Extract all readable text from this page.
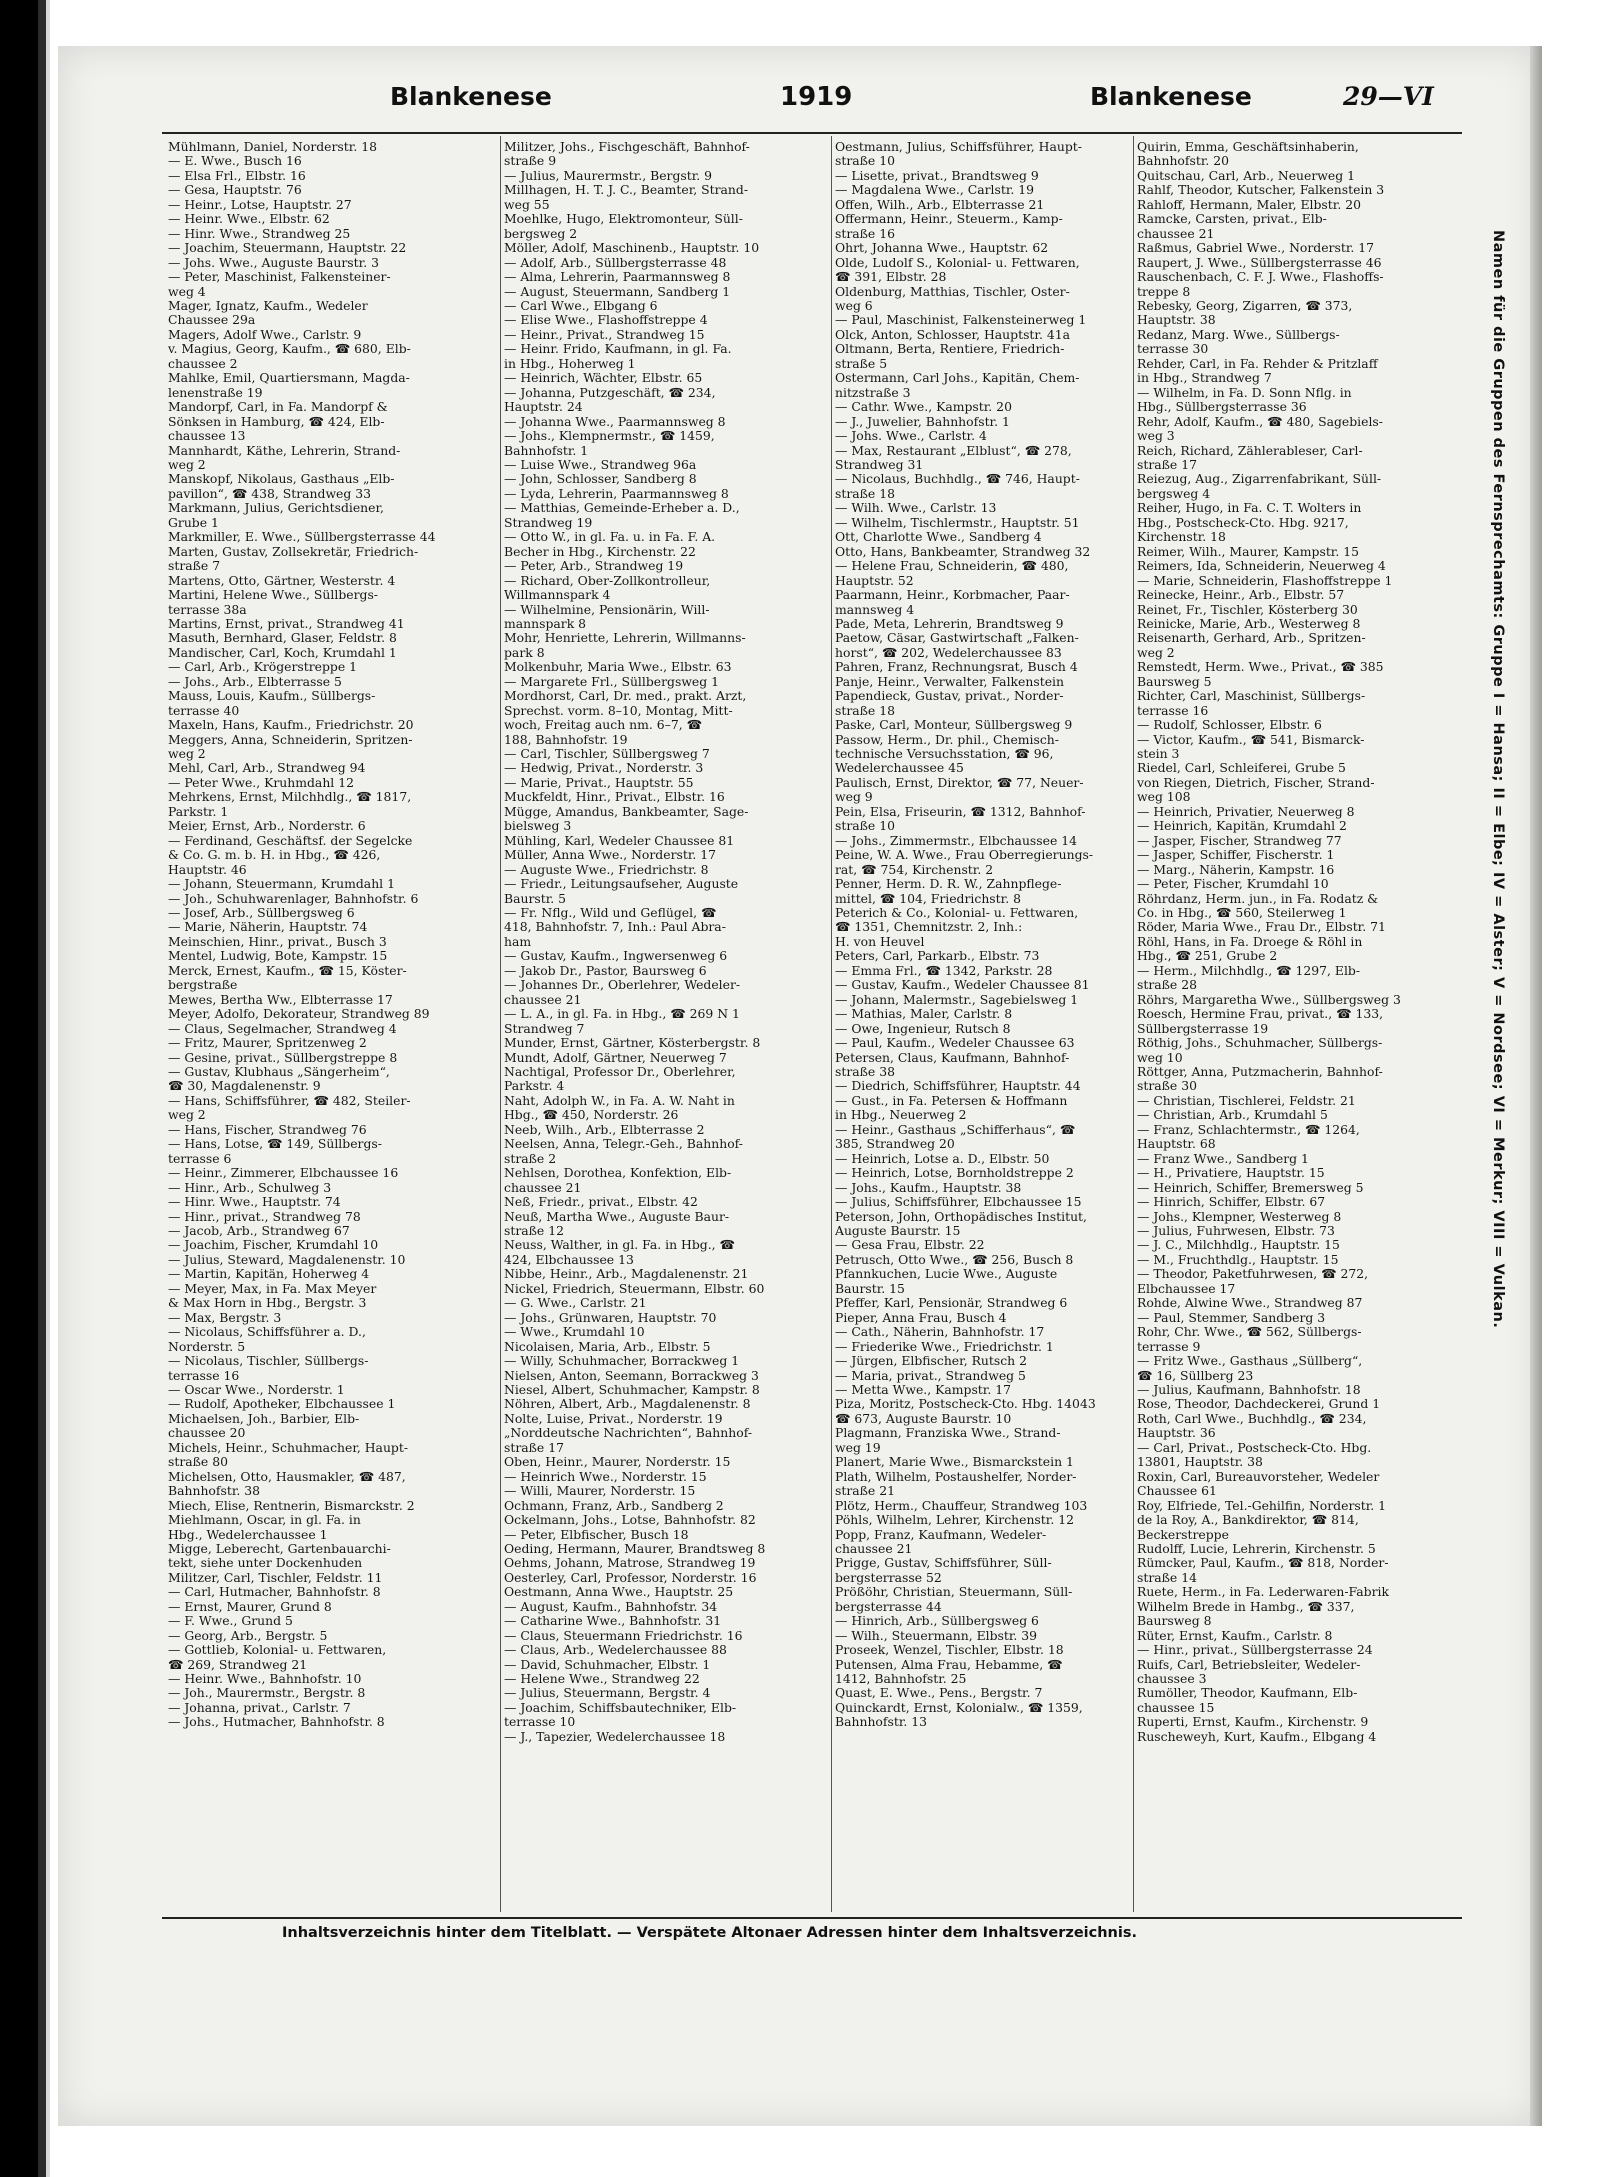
Blankenese	1919	Blankenese	29—VI

Mühlmann, Daniel, Norderstr. 18

— E. Wwe., Busch 16

— Elsa Frl., Elbstr. 16

— Gesa, Hauptstr. 76

— Heinr., Lotse, Hauptstr. 27

— Heinr. Wwe., Elbstr. 62

— Hinr. Wwe., Strandweg 25

— Joachim, Steuermann, Hauptstr. 22

— Johs. Wwe., Auguste Baurstr. 3

— Peter, Maschinist, Falkensteiner-

weg 4

Mager, Ignatz, Kaufm., Wedeler

Chaussee 29a

Magers, Adolf Wwe., Carlstr. 9

v. Magius, Georg, Kaufm., ☎ 680, Elb-

chaussee 2

Mahlke, Emil, Quartiersmann, Magda-

lenenstraße 19

Mandorpf, Carl, in Fa. Mandorpf &

Sönksen in Hamburg, ☎ 424, Elb-

chaussee 13

Mannhardt, Käthe, Lehrerin, Strand-

weg 2

Manskopf, Nikolaus, Gasthaus „Elb-

pavillon“, ☎ 438, Strandweg 33

Markmann, Julius, Gerichtsdiener,

Grube 1

Markmiller, E. Wwe., Süllbergsterrasse 44

Marten, Gustav, Zollsekretär, Friedrich-

straße 7

Martens, Otto, Gärtner, Westerstr. 4

Martini, Helene Wwe., Süllbergs-

terrasse 38a

Martins, Ernst, privat., Strandweg 41

Masuth, Bernhard, Glaser, Feldstr. 8

Mandischer, Carl, Koch, Krumdahl 1

— Carl, Arb., Krögerstreppe 1

— Johs., Arb., Elbterrasse 5

Mauss, Louis, Kaufm., Süllbergs-

terrasse 40

Maxeln, Hans, Kaufm., Friedrichstr. 20

Meggers, Anna, Schneiderin, Spritzen-

weg 2

Mehl, Carl, Arb., Strandweg 94

— Peter Wwe., Kruhmdahl 12

Mehrkens, Ernst, Milchhdlg., ☎ 1817,

Parkstr. 1

Meier, Ernst, Arb., Norderstr. 6

— Ferdinand, Geschäftsf. der Segelcke

& Co. G. m. b. H. in Hbg., ☎ 426,

Hauptstr. 46

— Johann, Steuermann, Krumdahl 1

— Joh., Schuhwarenlager, Bahnhofstr. 6

— Josef, Arb., Süllbergsweg 6

— Marie, Näherin, Hauptstr. 74

Meinschien, Hinr., privat., Busch 3

Mentel, Ludwig, Bote, Kampstr. 15

Merck, Ernest, Kaufm., ☎ 15, Köster-

bergstraße

Mewes, Bertha Ww., Elbterrasse 17

Meyer, Adolfo, Dekorateur, Strandweg 89

— Claus, Segelmacher, Strandweg 4

— Fritz, Maurer, Spritzenweg 2

— Gesine, privat., Süllbergstreppe 8

— Gustav, Klubhaus „Sängerheim“,

☎ 30, Magdalenenstr. 9

— Hans, Schiffsführer, ☎ 482, Steiler-

weg 2

— Hans, Fischer, Strandweg 76

— Hans, Lotse, ☎ 149, Süllbergs-

terrasse 6

— Heinr., Zimmerer, Elbchaussee 16

— Hinr., Arb., Schulweg 3

— Hinr. Wwe., Hauptstr. 74

— Hinr., privat., Strandweg 78

— Jacob, Arb., Strandweg 67

— Joachim, Fischer, Krumdahl 10

— Julius, Steward, Magdalenenstr. 10

— Martin, Kapitän, Hoherweg 4

— Meyer, Max, in Fa. Max Meyer

& Max Horn in Hbg., Bergstr. 3

— Max, Bergstr. 3

— Nicolaus, Schiffsführer a. D.,

Norderstr. 5

— Nicolaus, Tischler, Süllbergs-

terrasse 16

— Oscar Wwe., Norderstr. 1

— Rudolf, Apotheker, Elbchaussee 1

Michaelsen, Joh., Barbier, Elb-

chaussee 20

Michels, Heinr., Schuhmacher, Haupt-

straße 80

Michelsen, Otto, Hausmakler, ☎ 487,

Bahnhofstr. 38

Miech, Elise, Rentnerin, Bismarckstr. 2

Miehlmann, Oscar, in gl. Fa. in

Hbg., Wedelerchaussee 1

Migge, Leberecht, Gartenbauarchi-

tekt, siehe unter Dockenhuden

Militzer, Carl, Tischler, Feldstr. 11

— Carl, Hutmacher, Bahnhofstr. 8

— Ernst, Maurer, Grund 8

— F. Wwe., Grund 5

— Georg, Arb., Bergstr. 5

— Gottlieb, Kolonial- u. Fettwaren,

☎ 269, Strandweg 21

— Heinr. Wwe., Bahnhofstr. 10

— Joh., Maurermstr., Bergstr. 8

— Johanna, privat., Carlstr. 7

— Johs., Hutmacher, Bahnhofstr. 8

Militzer, Johs., Fischgeschäft, Bahnhof-

straße 9

— Julius, Maurermstr., Bergstr. 9

Millhagen, H. T. J. C., Beamter, Strand-

weg 55

Moehlke, Hugo, Elektromonteur, Süll-

bergsweg 2

Möller, Adolf, Maschinenb., Hauptstr. 10

— Adolf, Arb., Süllbergsterrasse 48

— Alma, Lehrerin, Paarmannsweg 8

— August, Steuermann, Sandberg 1

— Carl Wwe., Elbgang 6

— Elise Wwe., Flashoffstreppe 4

— Heinr., Privat., Strandweg 15

— Heinr. Frido, Kaufmann, in gl. Fa.

in Hbg., Hoherweg 1

— Heinrich, Wächter, Elbstr. 65

— Johanna, Putzgeschäft, ☎ 234,

Hauptstr. 24

— Johanna Wwe., Paarmannsweg 8

— Johs., Klempnermstr., ☎ 1459,

Bahnhofstr. 1

— Luise Wwe., Strandweg 96a

— John, Schlosser, Sandberg 8

— Lyda, Lehrerin, Paarmannsweg 8

— Matthias, Gemeinde-Erheber a. D.,

Strandweg 19

— Otto W., in gl. Fa. u. in Fa. F. A.

Becher in Hbg., Kirchenstr. 22

— Peter, Arb., Strandweg 19

— Richard, Ober-Zollkontrolleur,

Willmannspark 4

— Wilhelmine, Pensionärin, Will-

mannspark 8

Mohr, Henriette, Lehrerin, Willmanns-

park 8

Molkenbuhr, Maria Wwe., Elbstr. 63

— Margarete Frl., Süllbergsweg 1

Mordhorst, Carl, Dr. med., prakt. Arzt,

Sprechst. vorm. 8–10, Montag, Mitt-

woch, Freitag auch nm. 6–7, ☎

188, Bahnhofstr. 19

— Carl, Tischler, Süllbergsweg 7

— Hedwig, Privat., Norderstr. 3

— Marie, Privat., Hauptstr. 55

Muckfeldt, Hinr., Privat., Elbstr. 16

Mügge, Amandus, Bankbeamter, Sage-

bielsweg 3

Mühling, Karl, Wedeler Chaussee 81

Müller, Anna Wwe., Norderstr. 17

— Auguste Wwe., Friedrichstr. 8

— Friedr., Leitungsaufseher, Auguste

Baurstr. 5

— Fr. Nflg., Wild und Geflügel, ☎

418, Bahnhofstr. 7, Inh.: Paul Abra-

ham

— Gustav, Kaufm., Ingwersenweg 6

— Jakob Dr., Pastor, Baursweg 6

— Johannes Dr., Oberlehrer, Wedeler-

chaussee 21

— L. A., in gl. Fa. in Hbg., ☎ 269 N 1

Strandweg 7

Munder, Ernst, Gärtner, Kösterbergstr. 8

Mundt, Adolf, Gärtner, Neuerweg 7

Nachtigal, Professor Dr., Oberlehrer,

Parkstr. 4

Naht, Adolph W., in Fa. A. W. Naht in

Hbg., ☎ 450, Norderstr. 26

Neeb, Wilh., Arb., Elbterrasse 2

Neelsen, Anna, Telegr.-Geh., Bahnhof-

straße 2

Nehlsen, Dorothea, Konfektion, Elb-

chaussee 21

Neß, Friedr., privat., Elbstr. 42

Neuß, Martha Wwe., Auguste Baur-

straße 12

Neuss, Walther, in gl. Fa. in Hbg., ☎

424, Elbchaussee 13

Nibbe, Heinr., Arb., Magdalenenstr. 21

Nickel, Friedrich, Steuermann, Elbstr. 60

— G. Wwe., Carlstr. 21

— Johs., Grünwaren, Hauptstr. 70

— Wwe., Krumdahl 10

Nicolaisen, Maria, Arb., Elbstr. 5

— Willy, Schuhmacher, Borrackweg 1

Nielsen, Anton, Seemann, Borrackweg 3

Niesel, Albert, Schuhmacher, Kampstr. 8

Nöhren, Albert, Arb., Magdalenenstr. 8

Nolte, Luise, Privat., Norderstr. 19

„Norddeutsche Nachrichten“, Bahnhof-

straße 17

Oben, Heinr., Maurer, Norderstr. 15

— Heinrich Wwe., Norderstr. 15

— Willi, Maurer, Norderstr. 15

Ochmann, Franz, Arb., Sandberg 2

Ockelmann, Johs., Lotse, Bahnhofstr. 82

— Peter, Elbfischer, Busch 18

Oeding, Hermann, Maurer, Brandtsweg 8

Oehms, Johann, Matrose, Strandweg 19

Oesterley, Carl, Professor, Norderstr. 16

Oestmann, Anna Wwe., Hauptstr. 25

— August, Kaufm., Bahnhofstr. 34

— Catharine Wwe., Bahnhofstr. 31

— Claus, Steuermann Friedrichstr. 16

— Claus, Arb., Wedelerchaussee 88

— David, Schuhmacher, Elbstr. 1

— Helene Wwe., Strandweg 22

— Julius, Steuermann, Bergstr. 4

— Joachim, Schiffsbautechniker, Elb-

terrasse 10

— J., Tapezier, Wedelerchaussee 18

Oestmann, Julius, Schiffsführer, Haupt-

straße 10

— Lisette, privat., Brandtsweg 9

— Magdalena Wwe., Carlstr. 19

Offen, Wilh., Arb., Elbterrasse 21

Offermann, Heinr., Steuerm., Kamp-

straße 16

Ohrt, Johanna Wwe., Hauptstr. 62

Olde, Ludolf S., Kolonial- u. Fettwaren,

☎ 391, Elbstr. 28

Oldenburg, Matthias, Tischler, Oster-

weg 6

— Paul, Maschinist, Falkensteinerweg 1

Olck, Anton, Schlosser, Hauptstr. 41a

Oltmann, Berta, Rentiere, Friedrich-

straße 5

Ostermann, Carl Johs., Kapitän, Chem-

nitzstraße 3

— Cathr. Wwe., Kampstr. 20

— J., Juwelier, Bahnhofstr. 1

— Johs. Wwe., Carlstr. 4

— Max, Restaurant „Elblust“, ☎ 278,

Strandweg 31

— Nicolaus, Buchhdlg., ☎ 746, Haupt-

straße 18

— Wilh. Wwe., Carlstr. 13

— Wilhelm, Tischlermstr., Hauptstr. 51

Ott, Charlotte Wwe., Sandberg 4

Otto, Hans, Bankbeamter, Strandweg 32

— Helene Frau, Schneiderin, ☎ 480,

Hauptstr. 52

Paarmann, Heinr., Korbmacher, Paar-

mannsweg 4

Pade, Meta, Lehrerin, Brandtsweg 9

Paetow, Cäsar, Gastwirtschaft „Falken-

horst“, ☎ 202, Wedelerchaussee 83

Pahren, Franz, Rechnungsrat, Busch 4

Panje, Heinr., Verwalter, Falkenstein

Papendieck, Gustav, privat., Norder-

straße 18

Paske, Carl, Monteur, Süllbergsweg 9

Passow, Herm., Dr. phil., Chemisch-

technische Versuchsstation, ☎ 96,

Wedelerchaussee 45

Paulisch, Ernst, Direktor, ☎ 77, Neuer-

weg 9

Pein, Elsa, Friseurin, ☎ 1312, Bahnhof-

straße 10

— Johs., Zimmermstr., Elbchaussee 14

Peine, W. A. Wwe., Frau Oberregierungs-

rat, ☎ 754, Kirchenstr. 2

Penner, Herm. D. R. W., Zahnpflege-

mittel, ☎ 104, Friedrichstr. 8

Peterich & Co., Kolonial- u. Fettwaren,

☎ 1351, Chemnitzstr. 2, Inh.:

H. von Heuvel

Peters, Carl, Parkarb., Elbstr. 73

— Emma Frl., ☎ 1342, Parkstr. 28

— Gustav, Kaufm., Wedeler Chaussee 81

— Johann, Malermstr., Sagebielsweg 1

— Mathias, Maler, Carlstr. 8

— Owe, Ingenieur, Rutsch 8

— Paul, Kaufm., Wedeler Chaussee 63

Petersen, Claus, Kaufmann, Bahnhof-

straße 38

— Diedrich, Schiffsführer, Hauptstr. 44

— Gust., in Fa. Petersen & Hoffmann

in Hbg., Neuerweg 2

— Heinr., Gasthaus „Schifferhaus“, ☎

385, Strandweg 20

— Heinrich, Lotse a. D., Elbstr. 50

— Heinrich, Lotse, Bornholdstreppe 2

— Johs., Kaufm., Hauptstr. 38

— Julius, Schiffsführer, Elbchaussee 15

Peterson, John, Orthopädisches Institut,

Auguste Baurstr. 15

— Gesa Frau, Elbstr. 22

Petrusch, Otto Wwe., ☎ 256, Busch 8

Pfannkuchen, Lucie Wwe., Auguste

Baurstr. 15

Pfeffer, Karl, Pensionär, Strandweg 6

Pieper, Anna Frau, Busch 4

— Cath., Näherin, Bahnhofstr. 17

— Friederike Wwe., Friedrichstr. 1

— Jürgen, Elbfischer, Rutsch 2

— Maria, privat., Strandweg 5

— Metta Wwe., Kampstr. 17

Piza, Moritz, Postscheck-Cto. Hbg. 14043

☎ 673, Auguste Baurstr. 10

Plagmann, Franziska Wwe., Strand-

weg 19

Planert, Marie Wwe., Bismarckstein 1

Plath, Wilhelm, Postaushelfer, Norder-

straße 21

Plötz, Herm., Chauffeur, Strandweg 103

Pöhls, Wilhelm, Lehrer, Kirchenstr. 12

Popp, Franz, Kaufmann, Wedeler-

chaussee 21

Prigge, Gustav, Schiffsführer, Süll-

bergsterrasse 52

Prößöhr, Christian, Steuermann, Süll-

bergsterrasse 44

— Hinrich, Arb., Süllbergsweg 6

— Wilh., Steuermann, Elbstr. 39

Proseek, Wenzel, Tischler, Elbstr. 18

Putensen, Alma Frau, Hebamme, ☎

1412, Bahnhofstr. 25

Quast, E. Wwe., Pens., Bergstr. 7

Quinckardt, Ernst, Kolonialw., ☎ 1359,

Bahnhofstr. 13

Quirin, Emma, Geschäftsinhaberin,

Bahnhofstr. 20

Quitschau, Carl, Arb., Neuerweg 1

Rahlf, Theodor, Kutscher, Falkenstein 3

Rahloff, Hermann, Maler, Elbstr. 20

Ramcke, Carsten, privat., Elb-

chaussee 21

Raßmus, Gabriel Wwe., Norderstr. 17

Raupert, J. Wwe., Süllbergsterrasse 46

Rauschenbach, C. F. J. Wwe., Flashoffs-

treppe 8

Rebesky, Georg, Zigarren, ☎ 373,

Hauptstr. 38

Redanz, Marg. Wwe., Süllbergs-

terrasse 30

Rehder, Carl, in Fa. Rehder & Pritzlaff

in Hbg., Strandweg 7

— Wilhelm, in Fa. D. Sonn Nflg. in

Hbg., Süllbergsterrasse 36

Rehr, Adolf, Kaufm., ☎ 480, Sagebiels-

weg 3

Reich, Richard, Zählerableser, Carl-

straße 17

Reiezug, Aug., Zigarrenfabrikant, Süll-

bergsweg 4

Reiher, Hugo, in Fa. C. T. Wolters in

Hbg., Postscheck-Cto. Hbg. 9217,

Kirchenstr. 18

Reimer, Wilh., Maurer, Kampstr. 15

Reimers, Ida, Schneiderin, Neuerweg 4

— Marie, Schneiderin, Flashoffstreppe 1

Reinecke, Heinr., Arb., Elbstr. 57

Reinet, Fr., Tischler, Kösterberg 30

Reinicke, Marie, Arb., Westerweg 8

Reisenarth, Gerhard, Arb., Spritzen-

weg 2

Remstedt, Herm. Wwe., Privat., ☎ 385

Baursweg 5

Richter, Carl, Maschinist, Süllbergs-

terrasse 16

— Rudolf, Schlosser, Elbstr. 6

— Victor, Kaufm., ☎ 541, Bismarck-

stein 3

Riedel, Carl, Schleiferei, Grube 5

von Riegen, Dietrich, Fischer, Strand-

weg 108

— Heinrich, Privatier, Neuerweg 8

— Heinrich, Kapitän, Krumdahl 2

— Jasper, Fischer, Strandweg 77

— Jasper, Schiffer, Fischerstr. 1

— Marg., Näherin, Kampstr. 16

— Peter, Fischer, Krumdahl 10

Röhrdanz, Herm. jun., in Fa. Rodatz &

Co. in Hbg., ☎ 560, Steilerweg 1

Röder, Maria Wwe., Frau Dr., Elbstr. 71

Röhl, Hans, in Fa. Droege & Röhl in

Hbg., ☎ 251, Grube 2

— Herm., Milchhdlg., ☎ 1297, Elb-

straße 28

Röhrs, Margaretha Wwe., Süllbergsweg 3

Roesch, Hermine Frau, privat., ☎ 133,

Süllbergsterrasse 19

Röthig, Johs., Schuhmacher, Süllbergs-

weg 10

Röttger, Anna, Putzmacherin, Bahnhof-

straße 30

— Christian, Tischlerei, Feldstr. 21

— Christian, Arb., Krumdahl 5

— Franz, Schlachtermstr., ☎ 1264,

Hauptstr. 68

— Franz Wwe., Sandberg 1

— H., Privatiere, Hauptstr. 15

— Heinrich, Schiffer, Bremersweg 5

— Hinrich, Schiffer, Elbstr. 67

— Johs., Klempner, Westerweg 8

— Julius, Fuhrwesen, Elbstr. 73

— J. C., Milchhdlg., Hauptstr. 15

— M., Fruchthdlg., Hauptstr. 15

— Theodor, Paketfuhrwesen, ☎ 272,

Elbchaussee 17

Rohde, Alwine Wwe., Strandweg 87

— Paul, Stemmer, Sandberg 3

Rohr, Chr. Wwe., ☎ 562, Süllbergs-

terrasse 9

— Fritz Wwe., Gasthaus „Süllberg“,

☎ 16, Süllberg 23

— Julius, Kaufmann, Bahnhofstr. 18

Rose, Theodor, Dachdeckerei, Grund 1

Roth, Carl Wwe., Buchhdlg., ☎ 234,

Hauptstr. 36

— Carl, Privat., Postscheck-Cto. Hbg.

13801, Hauptstr. 38

Roxin, Carl, Bureauvorsteher, Wedeler

Chaussee 61

Roy, Elfriede, Tel.-Gehilfin, Norderstr. 1

de la Roy, A., Bankdirektor, ☎ 814,

Beckerstreppe

Rudolff, Lucie, Lehrerin, Kirchenstr. 5

Rümcker, Paul, Kaufm., ☎ 818, Norder-

straße 14

Ruete, Herm., in Fa. Lederwaren-Fabrik

Wilhelm Brede in Hambg., ☎ 337,

Baursweg 8

Rüter, Ernst, Kaufm., Carlstr. 8

— Hinr., privat., Süllbergsterrasse 24

Ruifs, Carl, Betriebsleiter, Wedeler-

chaussee 3

Rumöller, Theodor, Kaufmann, Elb-

chaussee 15

Ruperti, Ernst, Kaufm., Kirchenstr. 9

Ruscheweyh, Kurt, Kaufm., Elbgang 4

Namen für die Gruppen des Fernsprechamts: Gruppe I = Hansa; II = Elbe; IV = Alster; V = Nordsee; VI = Merkur; VIII = Vulkan.
Inhaltsverzeichnis hinter dem Titelblatt. — Verspätete Altonaer Adressen hinter dem Inhaltsverzeichnis.
